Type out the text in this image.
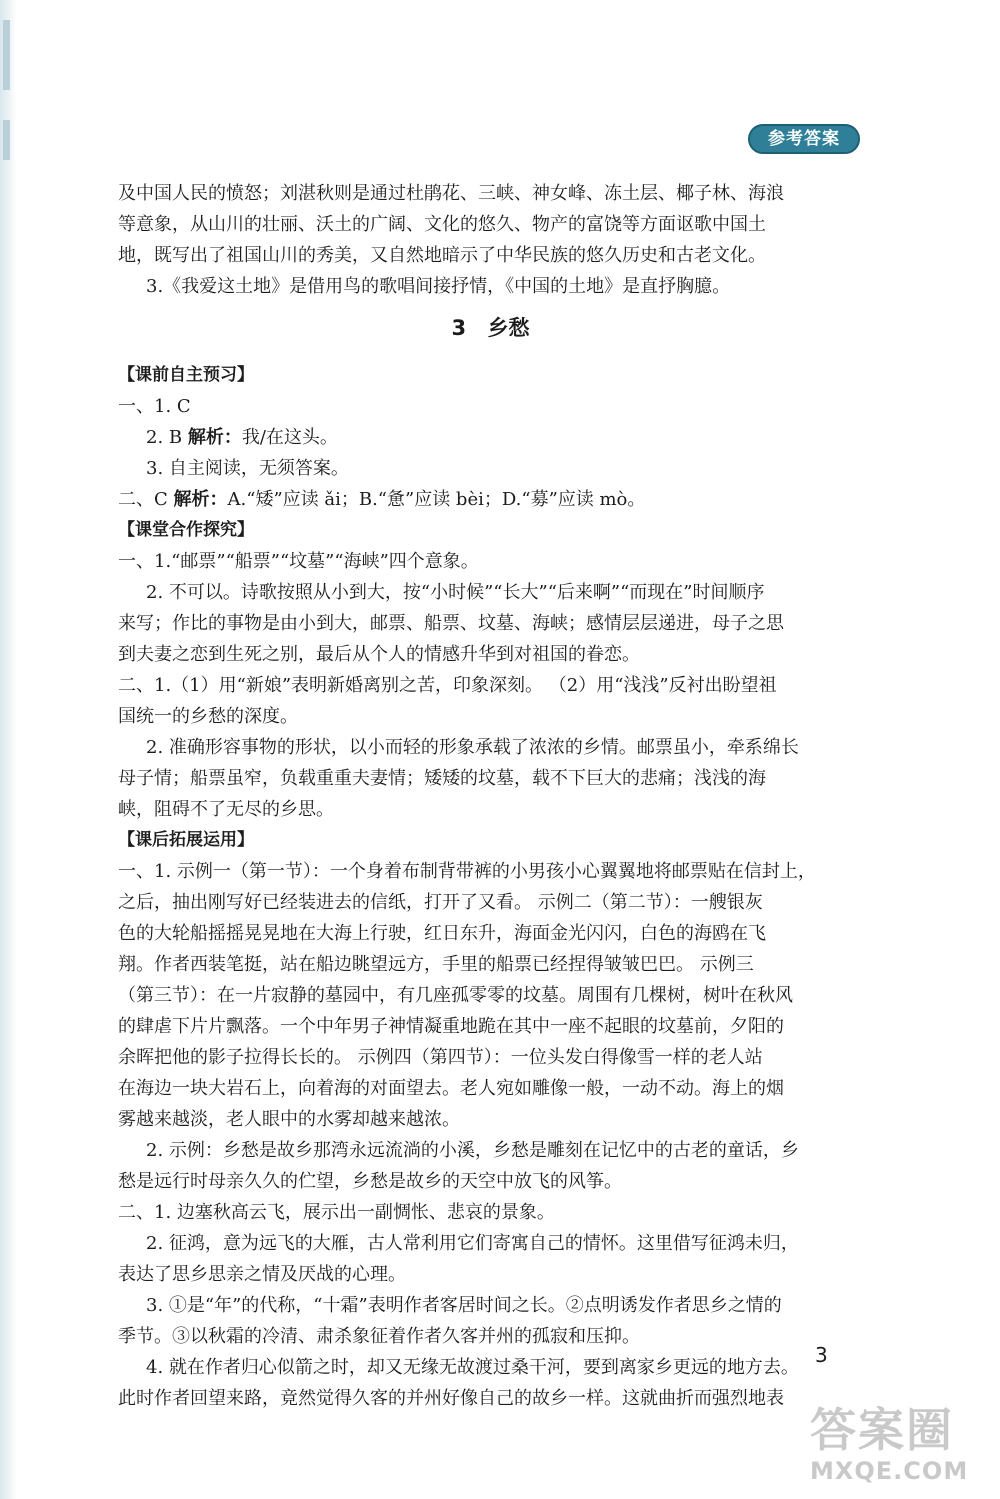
参考答案
及中国人民的愤怒；刘湛秋则是通过杜鹃花、三峡、神女峰、冻土层、椰子林、海浪
等意象，从山川的壮丽、沃土的广阔、文化的悠久、物产的富饶等方面讴歌中国土
地，既写出了祖国山川的秀美，又自然地暗示了中华民族的悠久历史和古老文化。
3.《我爱这土地》是借用鸟的歌唱间接抒情，《中国的土地》是直抒胸臆。
3 乡愁
【课前自主预习】
一、1. C
2. B 解析：我/在这头。
3. 自主阅读，无须答案。
二、C 解析：A.“矮”应读 ǎi；B.“惫”应读 bèi；D.“募”应读 mò。
【课堂合作探究】
一、1.“邮票”“船票”“坟墓”“海峡”四个意象。
2. 不可以。诗歌按照从小到大，按“小时候”“长大”“后来啊”“而现在”时间顺序
来写；作比的事物是由小到大，邮票、船票、坟墓、海峡；感情层层递进，母子之思
到夫妻之恋到生死之别，最后从个人的情感升华到对祖国的眷恋。
二、1.（1）用“新娘”表明新婚离别之苦，印象深刻。 （2）用“浅浅”反衬出盼望祖
国统一的乡愁的深度。
2. 准确形容事物的形状，以小而轻的形象承载了浓浓的乡情。邮票虽小，牵系绵长
母子情；船票虽窄，负载重重夫妻情；矮矮的坟墓，载不下巨大的悲痛；浅浅的海
峡，阻碍不了无尽的乡思。
【课后拓展运用】
一、1. 示例一（第一节）：一个身着布制背带裤的小男孩小心翼翼地将邮票贴在信封上，
之后，抽出刚写好已经装进去的信纸，打开了又看。 示例二（第二节）：一艘银灰
色的大轮船摇摇晃晃地在大海上行驶，红日东升，海面金光闪闪，白色的海鸥在飞
翔。作者西装笔挺，站在船边眺望远方，手里的船票已经捏得皱皱巴巴。 示例三
（第三节）：在一片寂静的墓园中，有几座孤零零的坟墓。周围有几棵树，树叶在秋风
的肆虐下片片飘落。一个中年男子神情凝重地跪在其中一座不起眼的坟墓前，夕阳的
余晖把他的影子拉得长长的。 示例四（第四节）：一位头发白得像雪一样的老人站
在海边一块大岩石上，向着海的对面望去。老人宛如雕像一般，一动不动。海上的烟
雾越来越淡，老人眼中的水雾却越来越浓。
2. 示例：乡愁是故乡那湾永远流淌的小溪，乡愁是雕刻在记忆中的古老的童话，乡
愁是远行时母亲久久的伫望，乡愁是故乡的天空中放飞的风筝。
二、1. 边塞秋高云飞，展示出一副惆怅、悲哀的景象。
2. 征鸿，意为远飞的大雁，古人常利用它们寄寓自己的情怀。这里借写征鸿未归，
表达了思乡思亲之情及厌战的心理。
3. ①是“年”的代称，“十霜”表明作者客居时间之长。②点明诱发作者思乡之情的
季节。③以秋霜的冷清、肃杀象征着作者久客并州的孤寂和压抑。
4. 就在作者归心似箭之时，却又无缘无故渡过桑干河，要到离家乡更远的地方去。
此时作者回望来路，竟然觉得久客的并州好像自己的故乡一样。这就曲折而强烈地表
3
答案圈
MXQE.COM
